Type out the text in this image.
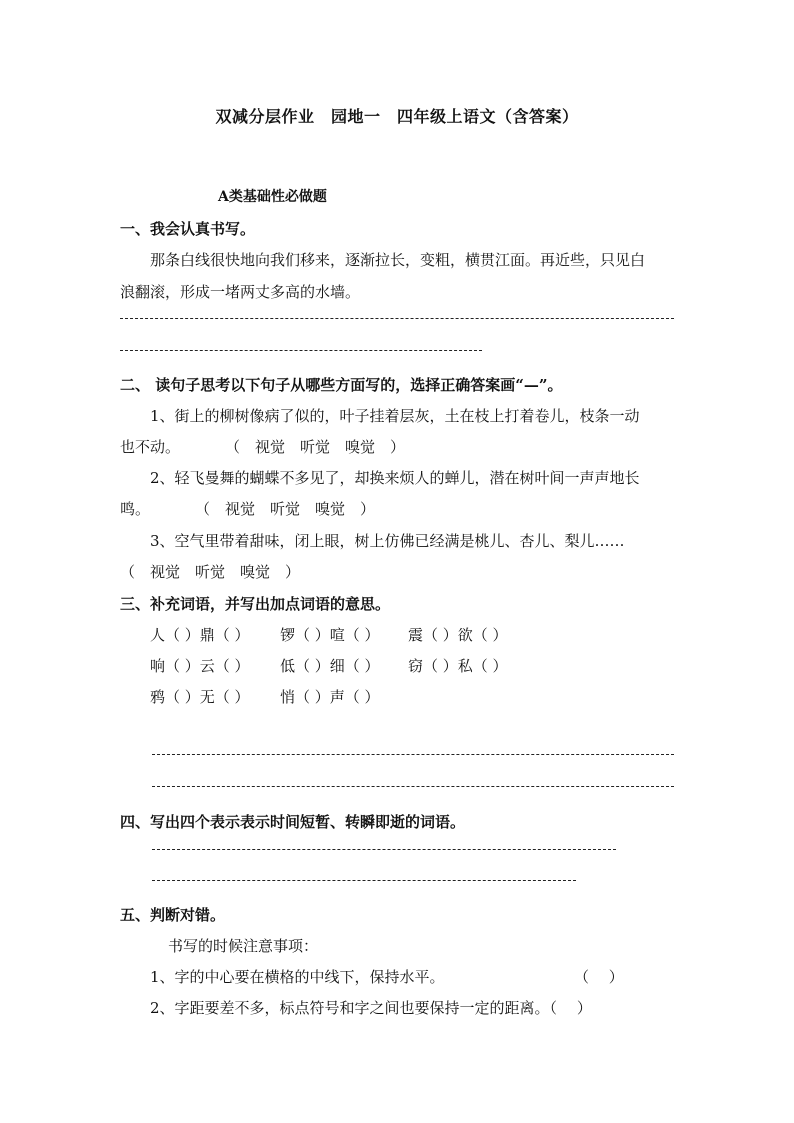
双减分层作业　园地一　四年级上语文（含答案）
A类基础性必做题
一、我会认真书写。
那条白线很快地向我们移来，逐渐拉长，变粗，横贯江面。再近些，只见白
浪翻滚，形成一堵两丈多高的水墙。
二、 读句子思考以下句子从哪些方面写的，选择正确答案画“—”。
1、街上的柳树像病了似的，叶子挂着层灰，土在枝上打着卷儿，枝条一动
也不动。　　　　（　视觉　听觉　嗅觉　）
2、轻飞曼舞的蝴蝶不多见了，却换来烦人的蝉儿，潜在树叶间一声声地长
鸣。　　　　（　视觉　听觉　嗅觉　）
3、空气里带着甜味，闭上眼，树上仿佛已经满是桃儿、杏儿、梨儿……
（　视觉　听觉　嗅觉　）
三、补充词语，并写出加点词语的意思。
人（ ）鼎（ ） 锣（ ）喧（ ） 震（ ）欲（ ）
响（ ）云（ ） 低（ ）细（ ） 窃（ ）私（ ）
鸦（ ）无（ ） 悄（ ）声（ ）
四、写出四个表示表示时间短暂、转瞬即逝的词语。
五、判断对错。
书写的时候注意事项：
1、字的中心要在横格的中线下，保持水平。	（　 ）
2、字距要差不多，标点符号和字之间也要保持一定的距离。（　 ）
